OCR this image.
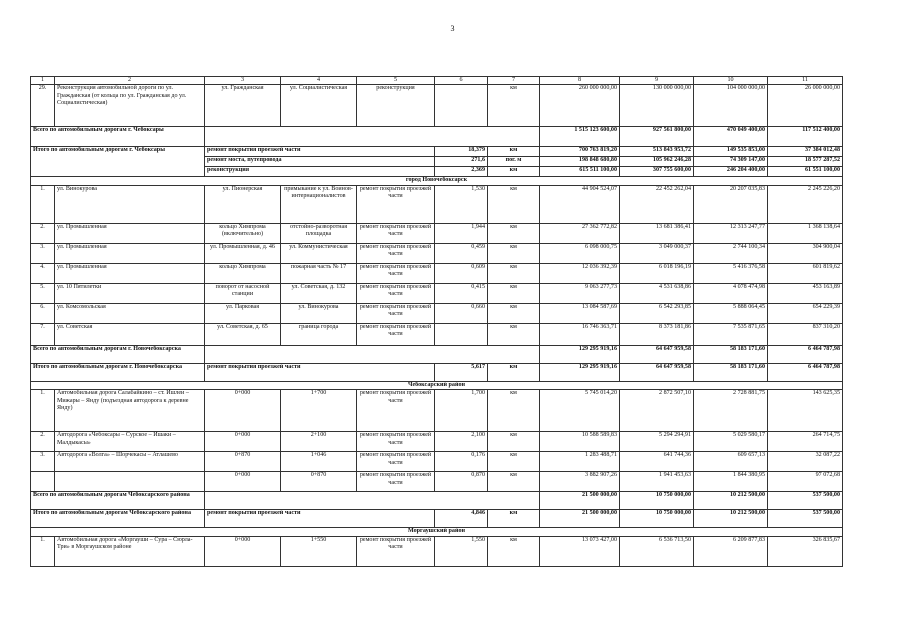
3
1	2	3	4	5	6	7	8	9	10	11
29.	Реконструкция автомобильной дороги по ул. Гражданская (от кольца по ул. Гражданская до ул. Социалистическая)	ул. Гражданская	ул. Социалистическая	реконструкция		км	260 000 000,00	130 000 000,00	104 000 000,00	26 000 000,00
Всего по автомобильным дорогам г. Чебоксары							1 515 123 600,00	927 561 800,00	470 049 400,00	117 512 400,00
Итого по автомобильным дорогам г. Чебоксары		ремонт покрытия проезжей части			18,379	км	700 763 819,20	513 843 953,72	149 535 853,00	37 384 012,48
		ремонт моста, путепровода			271,6	пог. м	198 848 680,80	105 962 246,28	74 309 147,00	18 577 287,52
		реконструкция			2,369	км	615 511 100,00	307 755 600,00	246 204 400,00	61 551 100,00
город Новочебоксарск										
1.	ул. Винокурова	ул. Пионерская	примыкание к ул. Воинов-интернационалистов	ремонт покрытия проезжей части	1,530	км	44 904 524,07	22 452 262,04	20 207 035,83	2 245 226,20
2.	ул. Промышленная	кольцо Химпрома (включительно)	отстойно-разворотная площадка	ремонт покрытия проезжей части	1,944	км	27 362 772,82	13 681 386,41	12 313 247,77	1 368 138,64
3.	ул. Промышленная	ул. Промышленная, д. 46	ул. Коммунистическая	ремонт покрытия проезжей части	0,459	км	6 098 000,75	3 049 000,37	2 744 100,34	304 900,04
4.	ул. Промышленная	кольцо Химпрома	пожарная часть № 17	ремонт покрытия проезжей части	0,609	км	12 036 392,39	6 018 196,19	5 416 376,58	601 819,62
5.	ул. 10 Пятилетки	поворот от насосной станции	ул. Советская, д. 132	ремонт покрытия проезжей части	0,415	км	9 063 277,73	4 531 638,86	4 078 474,98	453 163,89
6.	ул. Комсомольская	ул. Парковая	ул. Винокурова	ремонт покрытия проезжей части	0,660	км	13 084 587,69	6 542 293,85	5 888 064,45	654 229,39
7.	ул. Советская	ул. Советская, д. 65	граница города	ремонт покрытия проезжей части		км	16 746 363,71	8 373 181,86	7 535 871,65	837 310,20
Всего по автомобильным дорогам г. Новочебоксарска							129 295 919,16	64 647 959,58	58 183 171,60	6 464 787,98
Итого по автомобильным дорогам г. Новочебоксарска		ремонт покрытия проезжей части			5,617	км	129 295 919,16	64 647 959,58	58 183 171,60	6 464 787,98
Чебоксарский район										
1.	Автомобильная дорога Салабайкино – ст. Ишлеи – Мижары – Янду (подъездная автодорога к деревне Янду)	0+000	1+700	ремонт покрытия проезжей части	1,700	км	5 745 014,20	2 872 507,10	2 728 881,75	143 625,35
2.	Автодорога «Чебоксары – Сурское – Ишаки – Малдыкасы»	0+000	2+100	ремонт покрытия проезжей части	2,100	км	10 588 589,83	5 294 294,91	5 029 580,17	264 714,75
3.	Автодорога «Волга» – Шорчекасы – Атлашево	0+870	1+046	ремонт покрытия проезжей части	0,176	км	1 283 488,71	641 744,36	609 657,13	32 087,22
		0+000	0+870	ремонт покрытия проезжей части	0,870	км	3 882 907,26	1 941 453,63	1 844 380,95	97 072,68
Всего по автомобильным дорогам Чебоксарского района							21 500 000,00	10 750 000,00	10 212 500,00	537 500,00
Итого по автомобильным дорогам Чебоксарского района		ремонт покрытия проезжей части			4,846	км	21 500 000,00	10 750 000,00	10 212 500,00	537 500,00
Моргаушский район										
1.	Автомобильная дорога «Моргауши – Сура – Сюрла-Три» в Моргаушском районе	0+000	1+550	ремонт покрытия проезжей части	1,550	км	13 073 427,00	6 536 713,50	6 209 877,83	326 835,67
